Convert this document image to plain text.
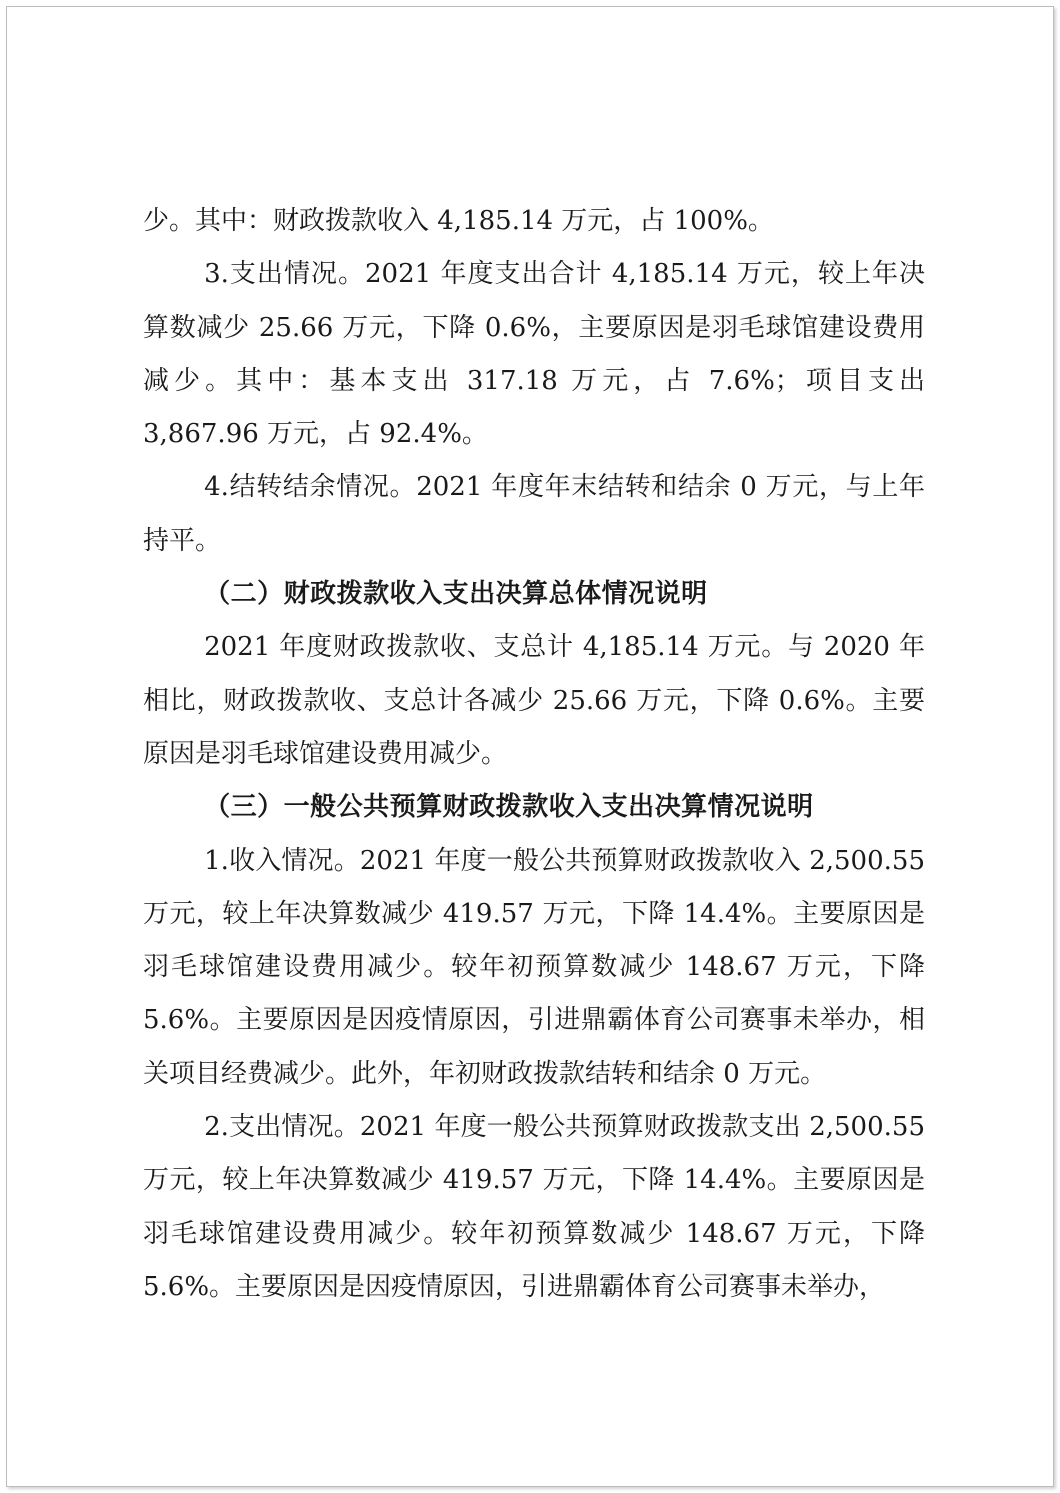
少。其中：财政拨款收入 4,185.14 万元，占 100%。

3.支出情况。2021 年度支出合计 4,185.14 万元，较上年决算数减少 25.66 万元，下降 0.6%，主要原因是羽毛球馆建设费用减少。其中：基本支出 317.18 万元，占 7.6%；项目支出 3,867.96 万元，占 92.4%。

4.结转结余情况。2021 年度年末结转和结余 0 万元，与上年持平。

（二）财政拨款收入支出决算总体情况说明

2021 年度财政拨款收、支总计 4,185.14 万元。与 2020 年相比，财政拨款收、支总计各减少 25.66 万元，下降 0.6%。主要原因是羽毛球馆建设费用减少。

（三）一般公共预算财政拨款收入支出决算情况说明

1.收入情况。2021 年度一般公共预算财政拨款收入 2,500.55 万元，较上年决算数减少 419.57 万元，下降 14.4%。主要原因是羽毛球馆建设费用减少。较年初预算数减少 148.67 万元，下降 5.6%。主要原因是因疫情原因，引进鼎霸体育公司赛事未举办，相关项目经费减少。此外，年初财政拨款结转和结余 0 万元。

2.支出情况。2021 年度一般公共预算财政拨款支出 2,500.55 万元，较上年决算数减少 419.57 万元，下降 14.4%。主要原因是羽毛球馆建设费用减少。较年初预算数减少 148.67 万元，下降 5.6%。主要原因是因疫情原因，引进鼎霸体育公司赛事未举办，
